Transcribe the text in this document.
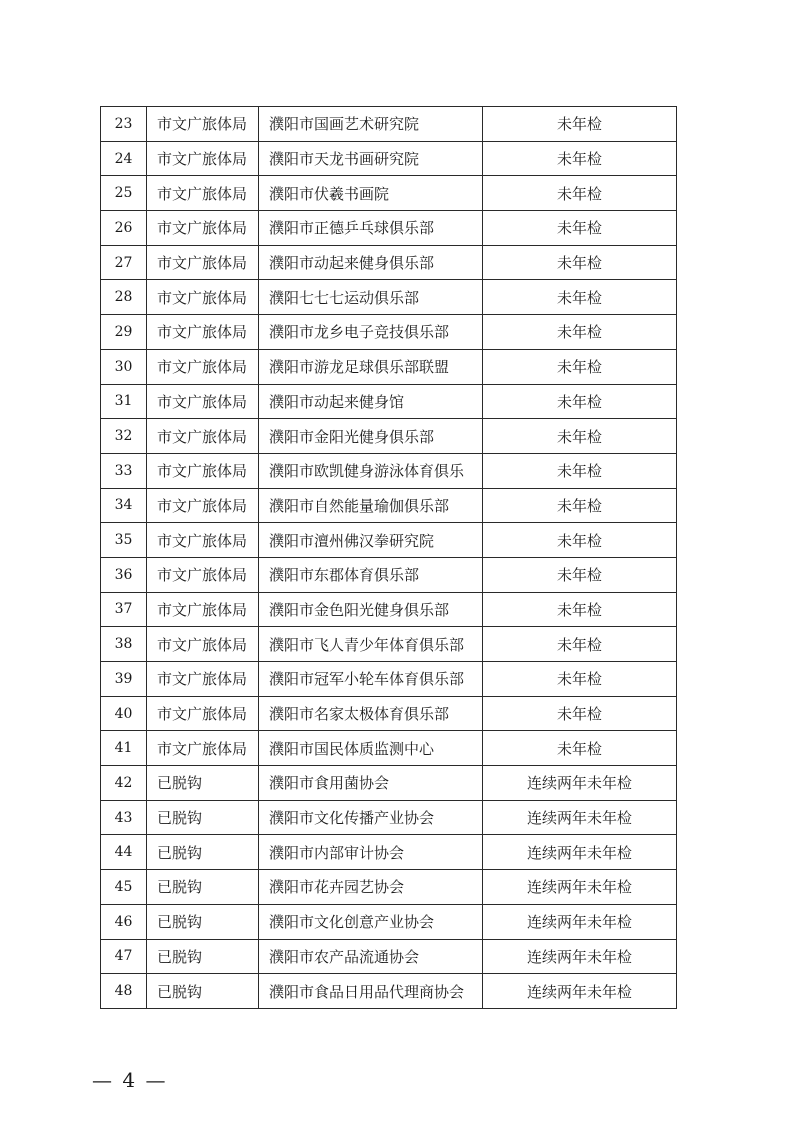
23	市文广旅体局	濮阳市国画艺术研究院	未年检
24	市文广旅体局	濮阳市天龙书画研究院	未年检
25	市文广旅体局	濮阳市伏羲书画院	未年检
26	市文广旅体局	濮阳市正德乒乓球俱乐部	未年检
27	市文广旅体局	濮阳市动起来健身俱乐部	未年检
28	市文广旅体局	濮阳七七七运动俱乐部	未年检
29	市文广旅体局	濮阳市龙乡电子竞技俱乐部	未年检
30	市文广旅体局	濮阳市游龙足球俱乐部联盟	未年检
31	市文广旅体局	濮阳市动起来健身馆	未年检
32	市文广旅体局	濮阳市金阳光健身俱乐部	未年检
33	市文广旅体局	濮阳市欧凯健身游泳体育俱乐	未年检
34	市文广旅体局	濮阳市自然能量瑜伽俱乐部	未年检
35	市文广旅体局	濮阳市澶州佛汉拳研究院	未年检
36	市文广旅体局	濮阳市东郡体育俱乐部	未年检
37	市文广旅体局	濮阳市金色阳光健身俱乐部	未年检
38	市文广旅体局	濮阳市飞人青少年体育俱乐部	未年检
39	市文广旅体局	濮阳市冠军小轮车体育俱乐部	未年检
40	市文广旅体局	濮阳市名家太极体育俱乐部	未年检
41	市文广旅体局	濮阳市国民体质监测中心	未年检
42	已脱钩	濮阳市食用菌协会	连续两年未年检
43	已脱钩	濮阳市文化传播产业协会	连续两年未年检
44	已脱钩	濮阳市内部审计协会	连续两年未年检
45	已脱钩	濮阳市花卉园艺协会	连续两年未年检
46	已脱钩	濮阳市文化创意产业协会	连续两年未年检
47	已脱钩	濮阳市农产品流通协会	连续两年未年检
48	已脱钩	濮阳市食品日用品代理商协会	连续两年未年检
— 4 —
